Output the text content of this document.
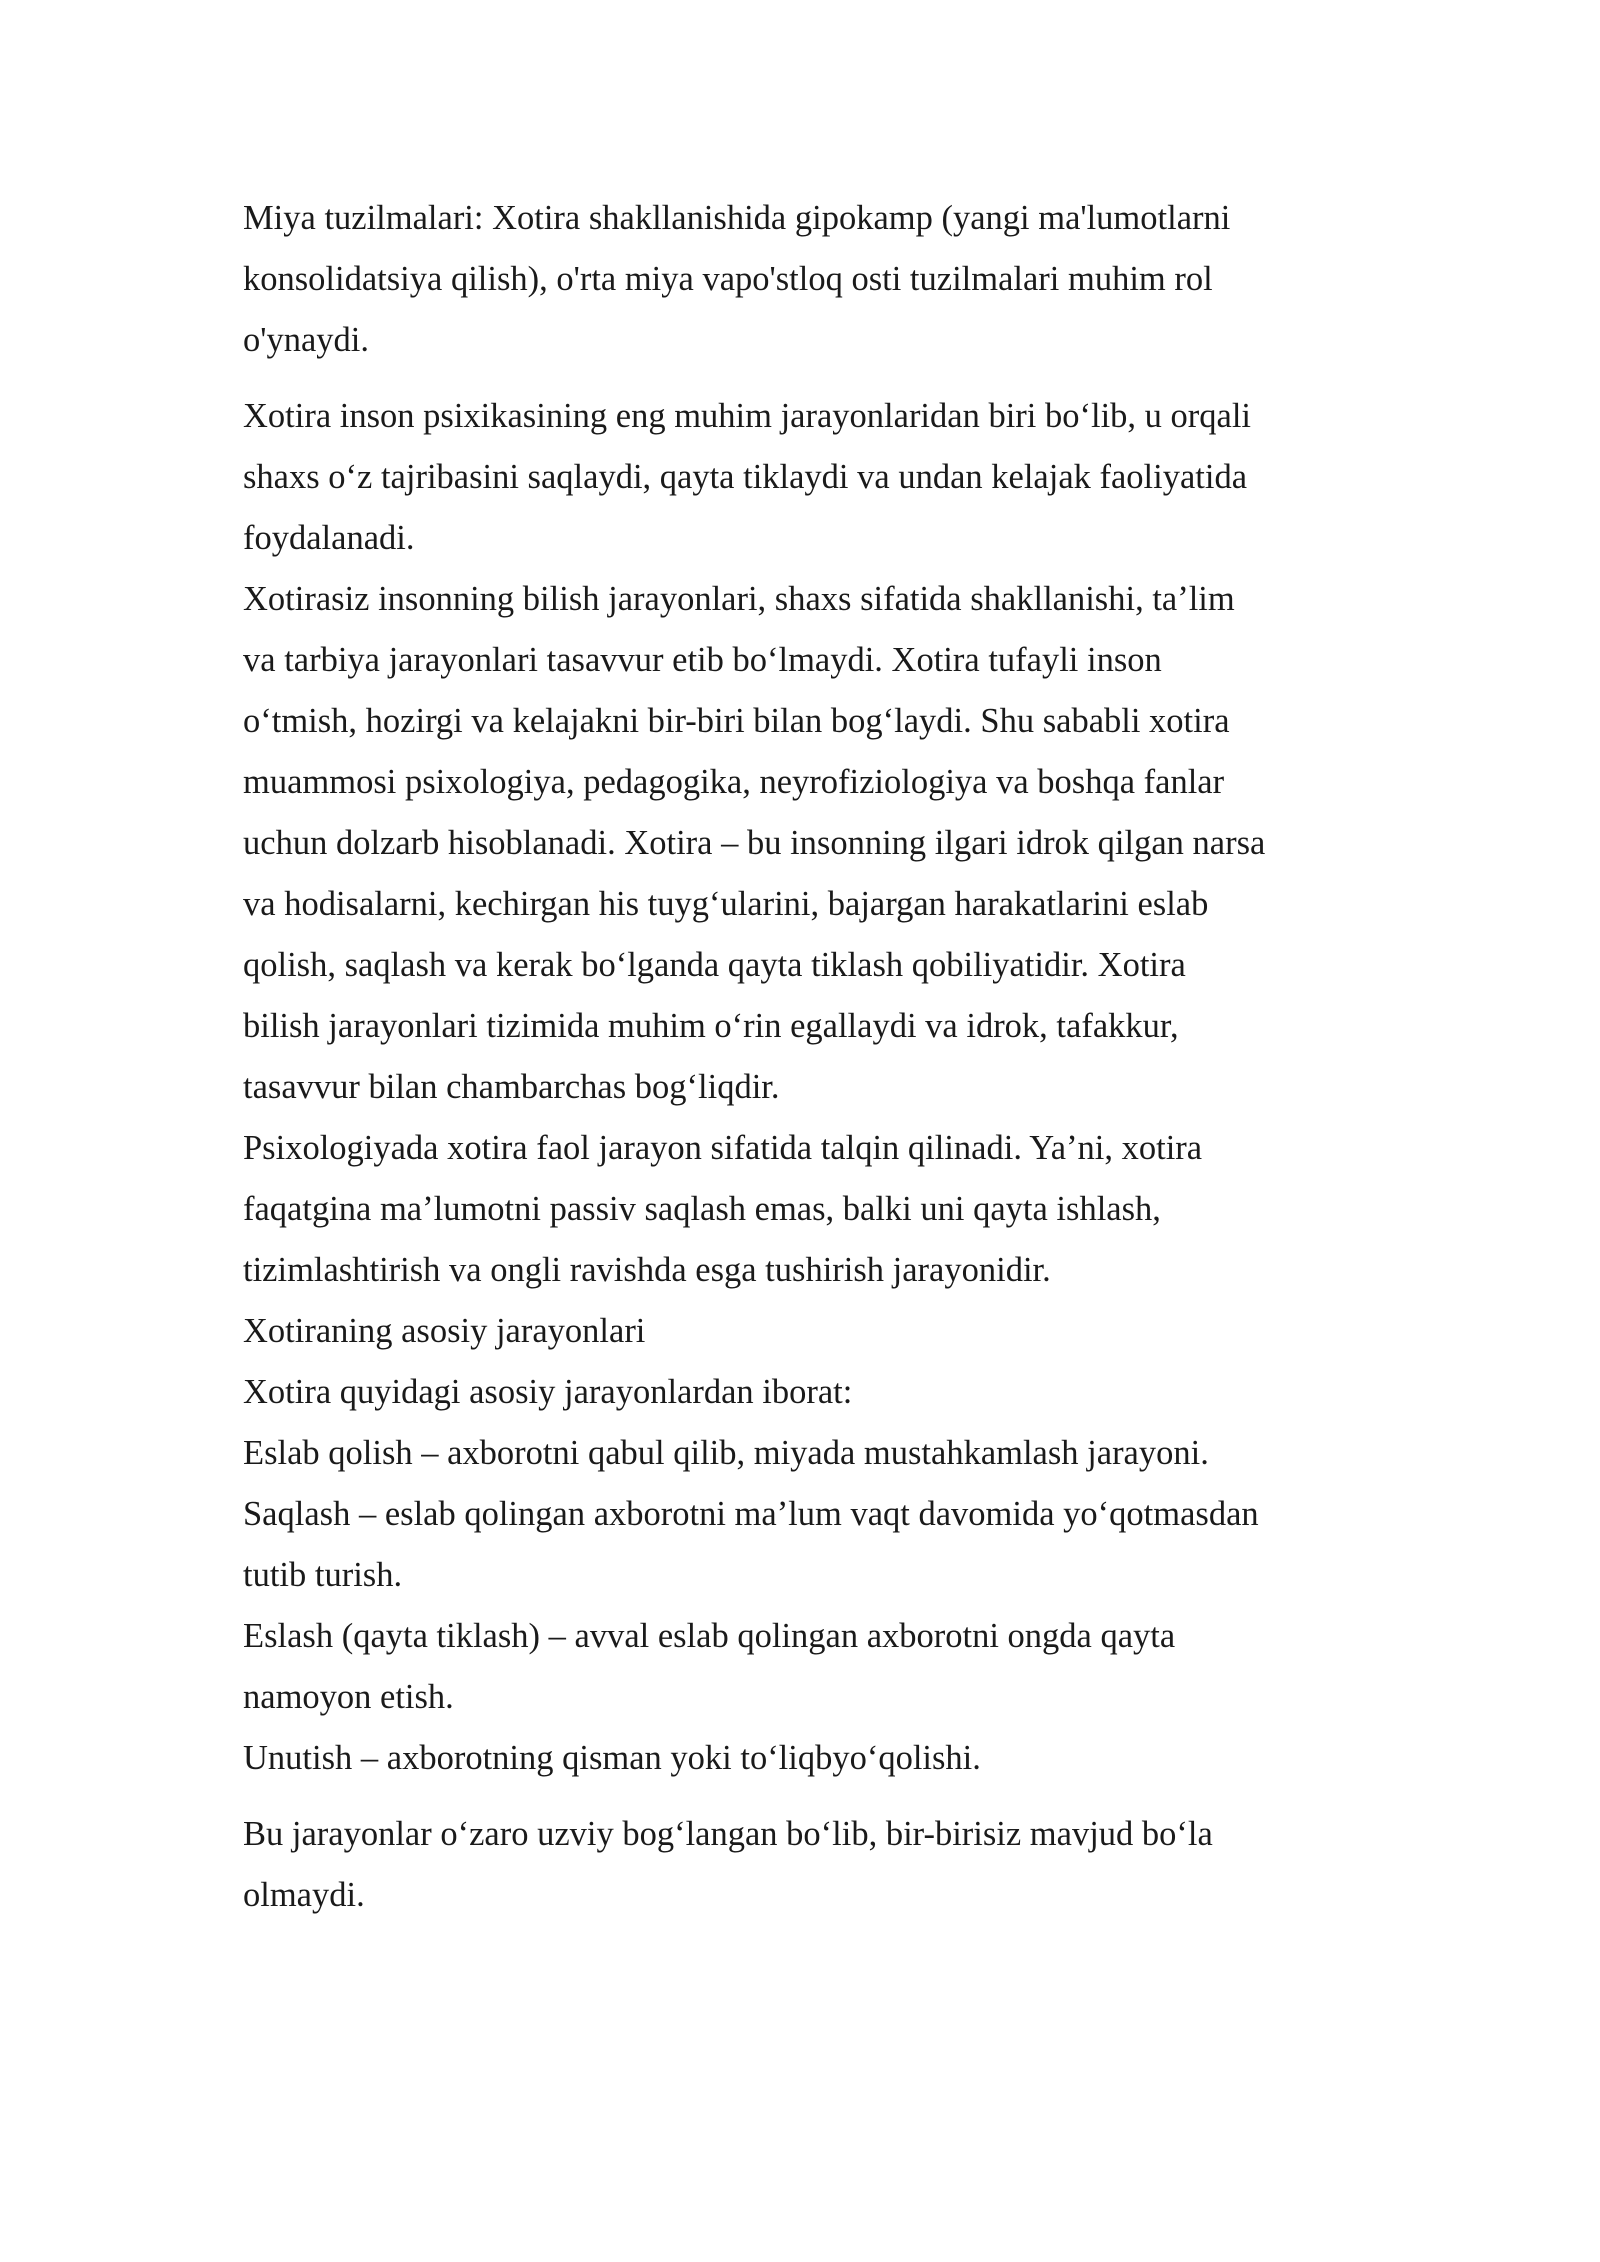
Miya tuzilmalari: Xotira shakllanishida gipokamp (yangi ma'lumotlarni
konsolidatsiya qilish), o'rta miya vapo'stloq osti tuzilmalari muhim rol
o'ynaydi.

Xotira inson psixikasining eng muhim jarayonlaridan biri boʻlib, u orqali
shaxs oʻz tajribasini saqlaydi, qayta tiklaydi va undan kelajak faoliyatida
foydalanadi.

Xotirasiz insonning bilish jarayonlari, shaxs sifatida shakllanishi, taʼlim
va tarbiya jarayonlari tasavvur etib boʻlmaydi. Xotira tufayli inson
oʻtmish, hozirgi va kelajakni bir-biri bilan bogʻlaydi. Shu sababli xotira
muammosi psixologiya, pedagogika, neyrofiziologiya va boshqa fanlar
uchun dolzarb hisoblanadi. Xotira – bu insonning ilgari idrok qilgan narsa
va hodisalarni, kechirgan his tuygʻularini, bajargan harakatlarini eslab
qolish, saqlash va kerak boʻlganda qayta tiklash qobiliyatidir. Xotira
bilish jarayonlari tizimida muhim oʻrin egallaydi va idrok, tafakkur,
tasavvur bilan chambarchas bogʻliqdir.

Psixologiyada xotira faol jarayon sifatida talqin qilinadi. Yaʼni, xotira
faqatgina maʼlumotni passiv saqlash emas, balki uni qayta ishlash,
tizimlashtirish va ongli ravishda esga tushirish jarayonidir.

Xotiraning asosiy jarayonlari

Xotira quyidagi asosiy jarayonlardan iborat:

Eslab qolish – axborotni qabul qilib, miyada mustahkamlash jarayoni.

Saqlash – eslab qolingan axborotni maʼlum vaqt davomida yoʻqotmasdan
tutib turish.

Eslash (qayta tiklash) – avval eslab qolingan axborotni ongda qayta
namoyon etish.

Unutish – axborotning qisman yoki toʻliqbyoʻqolishi.

Bu jarayonlar oʻzaro uzviy bogʻlangan boʻlib, bir-birisiz mavjud boʻla
olmaydi.
